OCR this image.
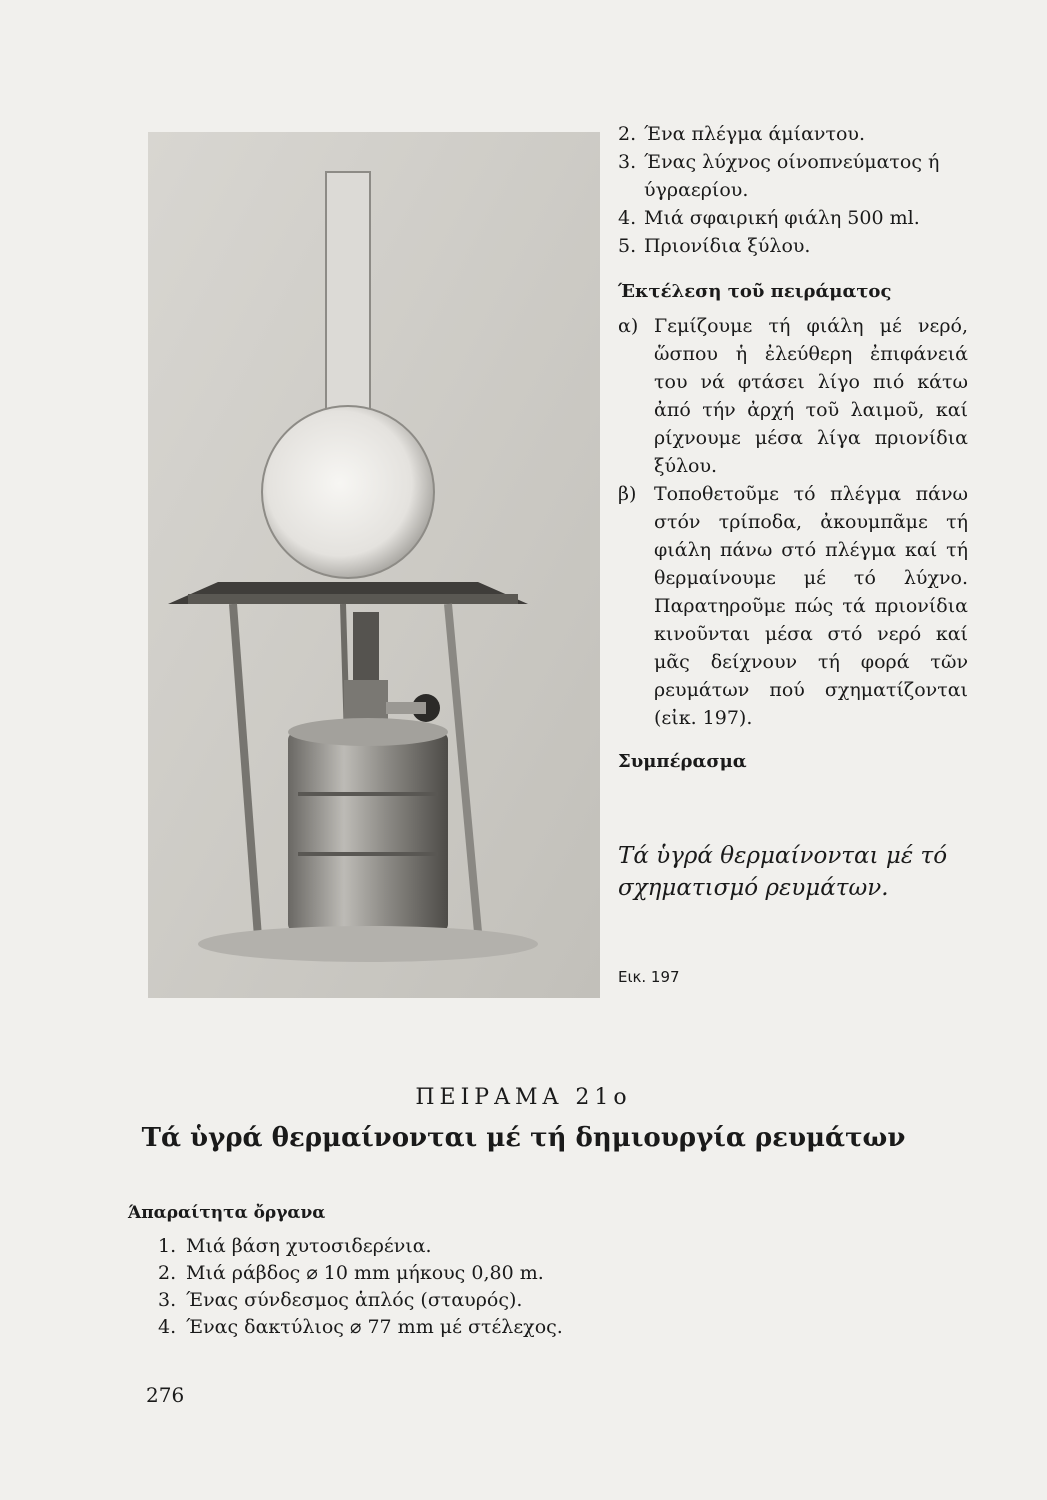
2. Ένα πλέγμα άμίαντου.
3. Ένας λύχνος οίνοπνεύματος ή ύγραερίου.
4. Μιά σφαιρική φιάλη 500 ml.
5. Πριονίδια ξύλου.
Έκτέλεση τοῦ πειράματος
α) Γεμίζουμε τή φιάλη μέ νερό, ὥσπου ἡ ἐλεύθερη ἐπιφάνειά του νά φτάσει λίγο πιό κάτω ἀπό τήν ἀρχή τοῦ λαιμοῦ, καί ρίχνουμε μέσα λίγα πριονίδια ξύλου.
β) Τοποθετοῦμε τό πλέγμα πάνω στόν τρίποδα, ἀκουμπᾶμε τή φιάλη πάνω στό πλέγμα καί τή θερμαίνουμε μέ τό λύχνο. Παρατηροῦμε πώς τά πριονίδια κινοῦνται μέσα στό νερό καί μᾶς δείχνουν τή φορά τῶν ρευμάτων πού σχηματίζονται (εἰκ. 197).
Συμπέρασμα
Τά ὑγρά θερμαίνονται μέ τό σχηματισμό ρευμάτων.
Εικ. 197
ΠΕΙΡΑΜΑ 21ο
Τά ὑγρά θερμαίνονται μέ τή δημιουργία ρευμάτων
Άπαραίτητα ὄργανα
1. Μιά βάση χυτοσιδερένια.
2. Μιά ράβδος ⌀ 10 mm μήκους 0,80 m.
3. Ένας σύνδεσμος ἁπλός (σταυρός).
4. Ένας δακτύλιος ⌀ 77 mm μέ στέλεχος.
276
